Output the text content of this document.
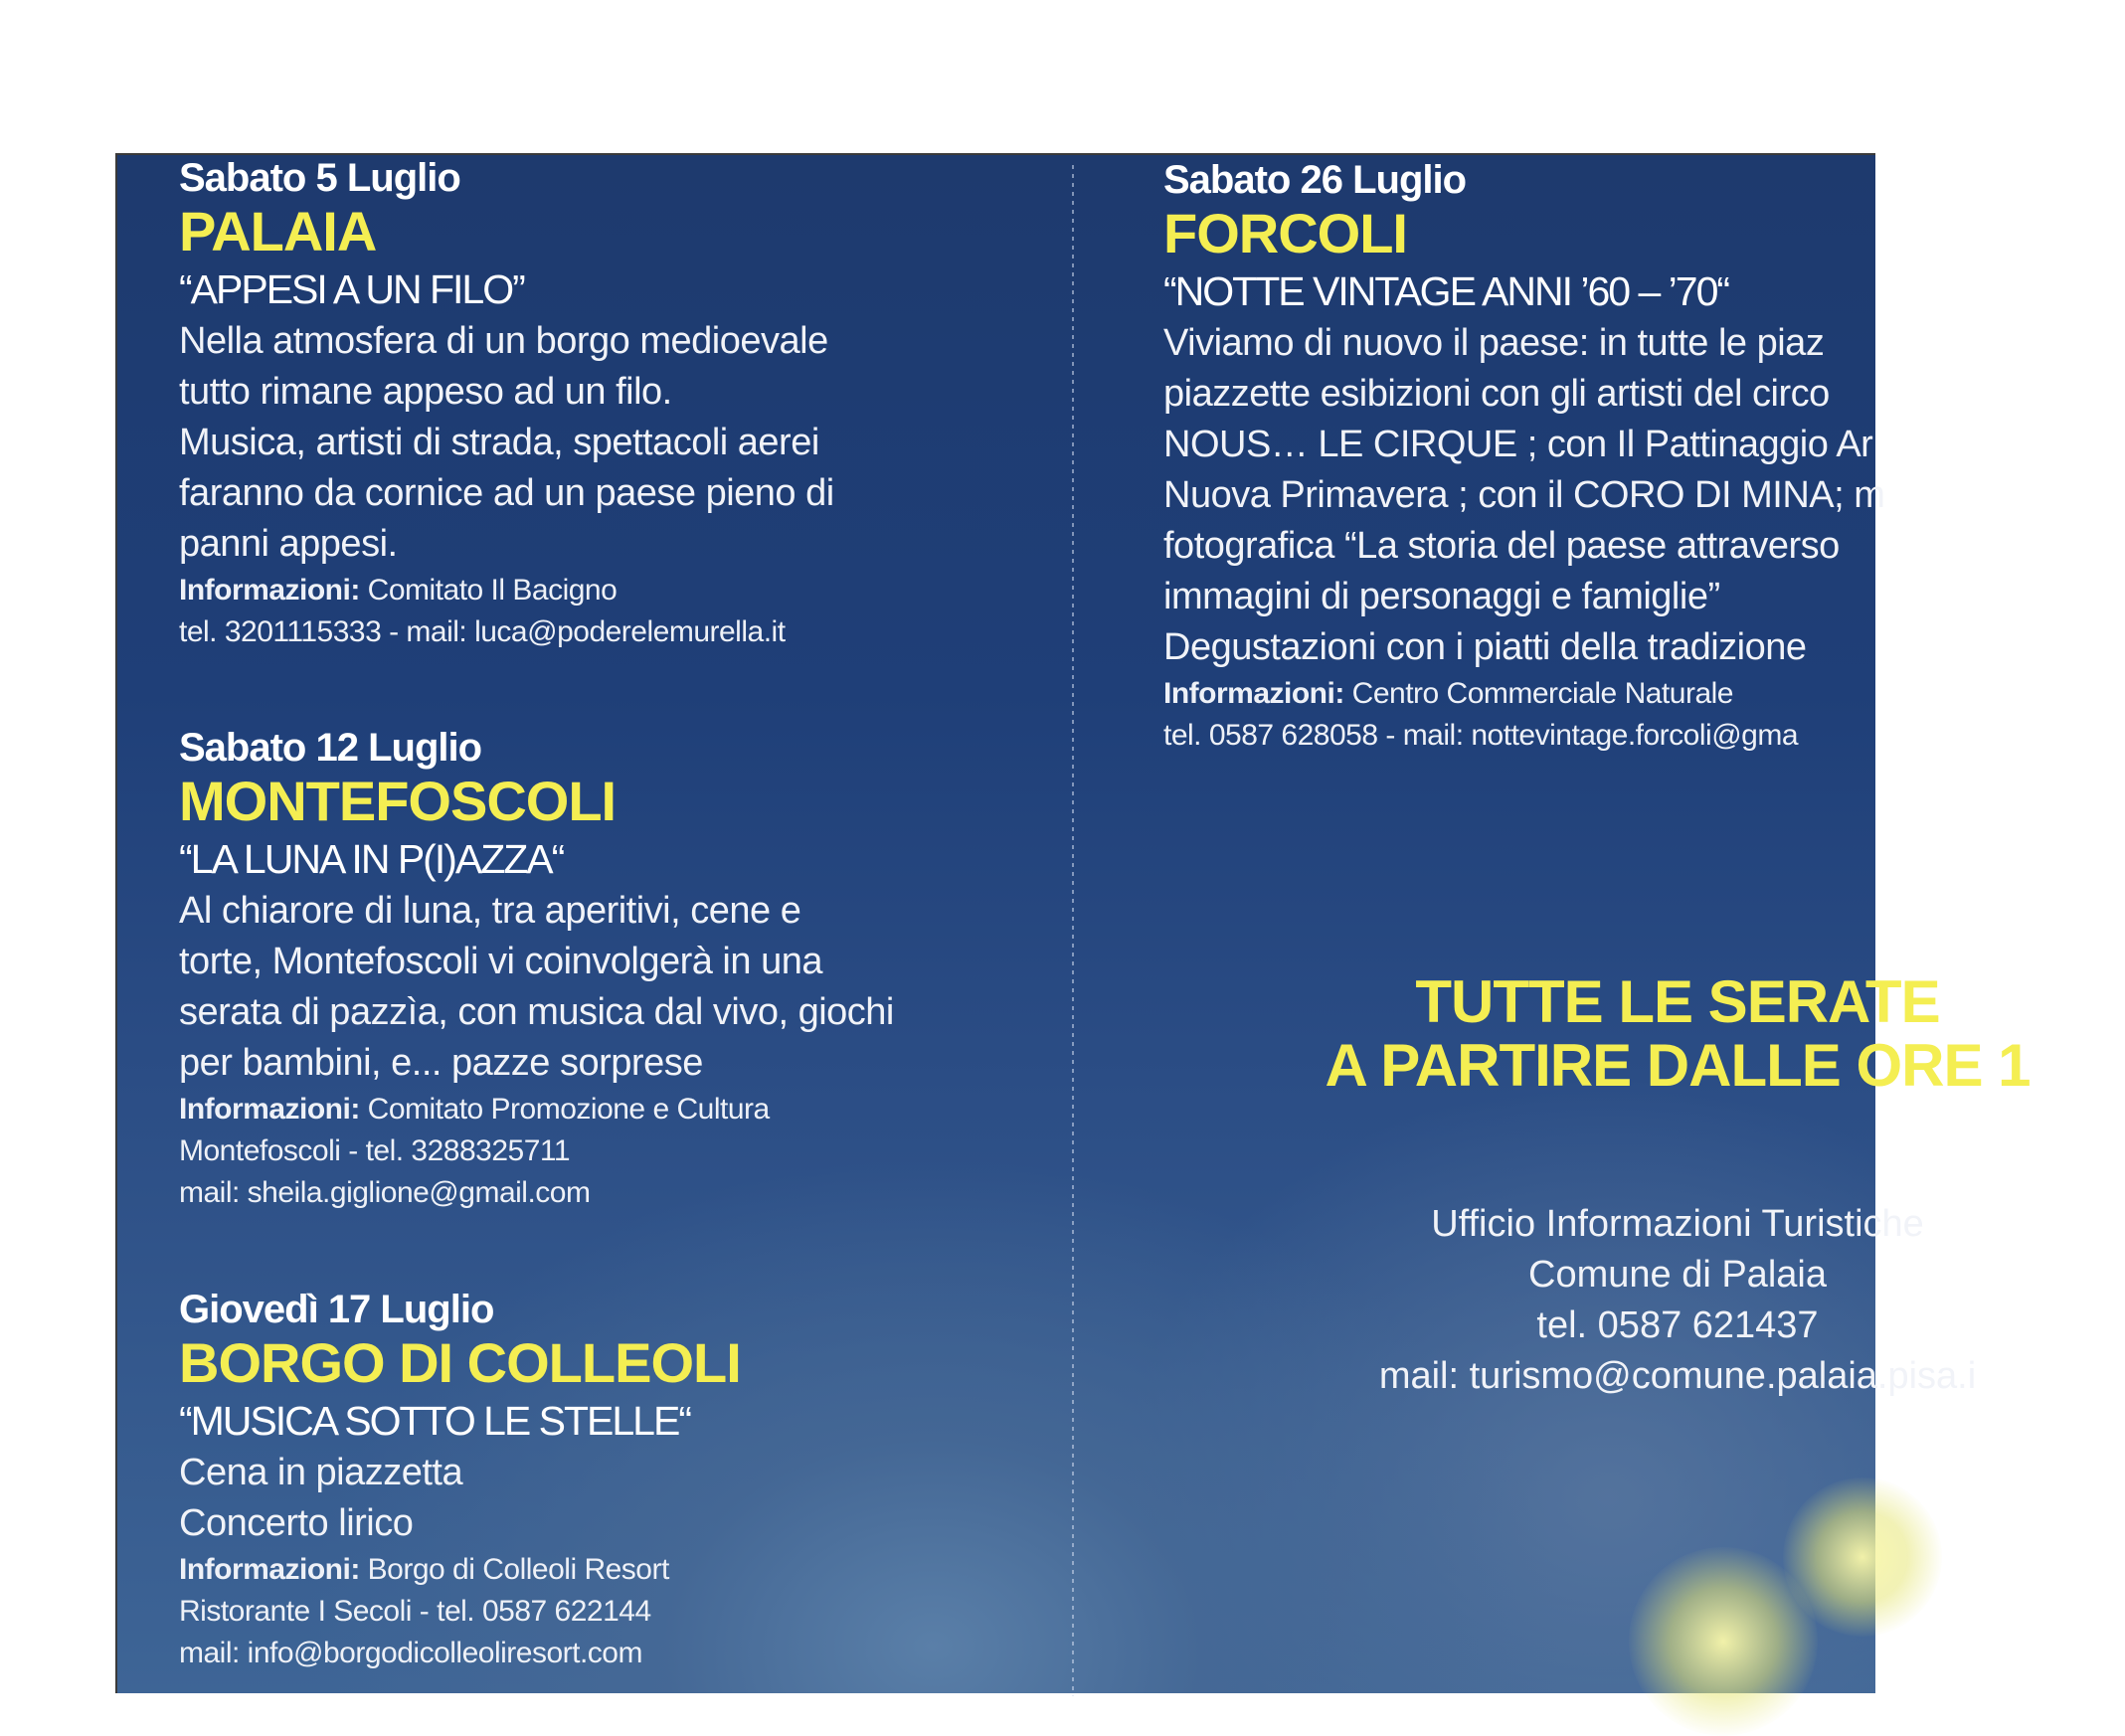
Sabato 5 Luglio
PALAIA
“APPESI A UN FILO”
Nella atmosfera di un borgo medioevale
tutto rimane appeso ad un filo.
Musica, artisti di strada, spettacoli aerei
faranno da cornice ad un paese pieno di
panni appesi.
Informazioni: Comitato Il Bacigno
tel. 3201115333 - mail: luca@poderelemurella.it
Sabato 12 Luglio
MONTEFOSCOLI
“LA LUNA IN P(I)AZZA“
Al chiarore di luna, tra aperitivi, cene e
torte, Montefoscoli vi coinvolgerà in una
serata di pazzìa, con musica dal vivo, giochi
per bambini, e... pazze sorprese
Informazioni: Comitato Promozione e Cultura
Montefoscoli - tel. 3288325711
mail: sheila.giglione@gmail.com
Giovedì 17 Luglio
BORGO DI COLLEOLI
“MUSICA SOTTO LE STELLE“
Cena in piazzetta
Concerto lirico
Informazioni: Borgo di Colleoli Resort
Ristorante I Secoli - tel. 0587 622144
mail: info@borgodicolleoliresort.com
Sabato 26 Luglio
FORCOLI
“NOTTE VINTAGE ANNI ’60 – ’70“
Viviamo di nuovo il paese: in tutte le piaz
piazzette esibizioni con gli artisti del circo
NOUS… LE CIRQUE ; con Il Pattinaggio Ar
Nuova Primavera ; con il CORO DI MINA; m
fotografica “La storia del paese attraverso
immagini di personaggi e famiglie”
Degustazioni con i piatti della tradizione
Informazioni: Centro Commerciale Naturale
tel. 0587 628058 - mail: nottevintage.forcoli@gma
TUTTE LE SERATE
A PARTIRE DALLE ORE 1
Ufficio Informazioni Turistiche
Comune di Palaia
tel. 0587 621437
mail: turismo@comune.palaia.pisa.i
